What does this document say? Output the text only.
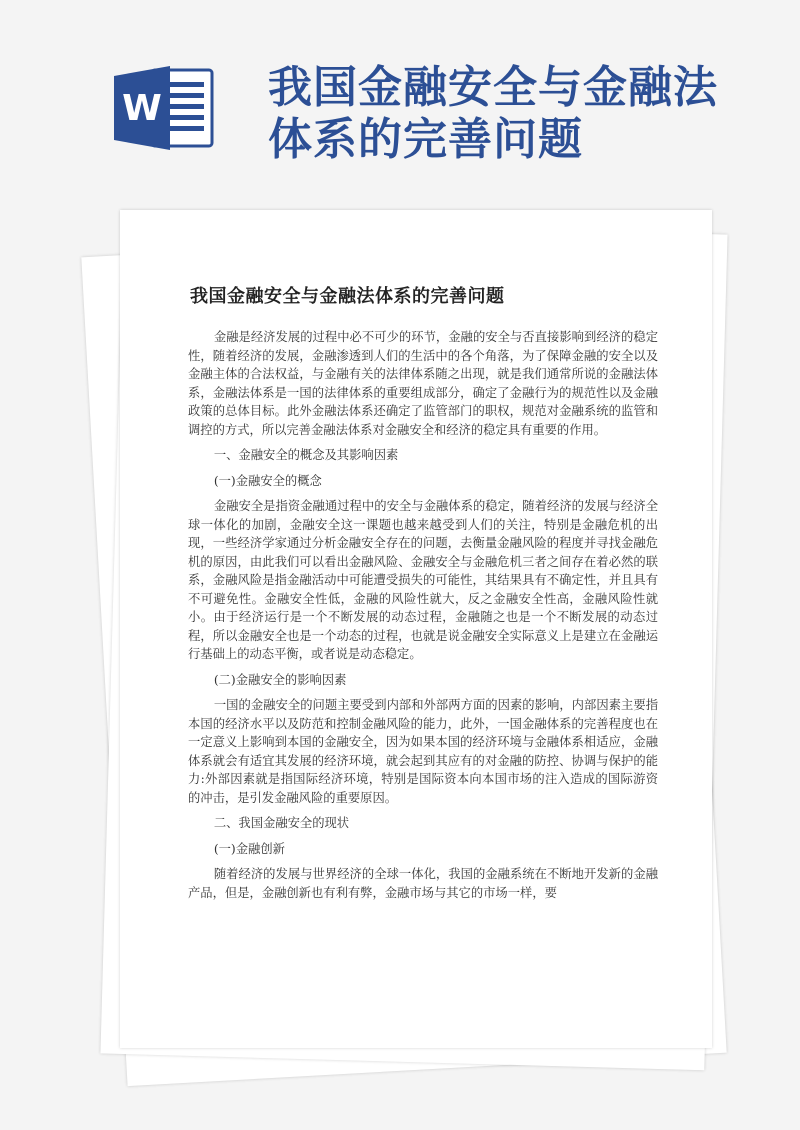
W 我国金融安全与金融法
体系的完善问题
我国金融安全与金融法体系的完善问题

金融是经济发展的过程中必不可少的环节，金融的安全与否直接影响到经济的稳定性，随着经济的发展，金融渗透到人们的生活中的各个角落，为了保障金融的安全以及金融主体的合法权益，与金融有关的法律体系随之出现，就是我们通常所说的金融法体系，金融法体系是一国的法律体系的重要组成部分，确定了金融行为的规范性以及金融政策的总体目标。此外金融法体系还确定了监管部门的职权，规范对金融系统的监管和调控的方式，所以完善金融法体系对金融安全和经济的稳定具有重要的作用。

一、金融安全的概念及其影响因素

(一)金融安全的概念

金融安全是指资金融通过程中的安全与金融体系的稳定，随着经济的发展与经济全球一体化的加剧，金融安全这一课题也越来越受到人们的关注，特别是金融危机的出现，一些经济学家通过分析金融安全存在的问题，去衡量金融风险的程度并寻找金融危机的原因，由此我们可以看出金融风险、金融安全与金融危机三者之间存在着必然的联系，金融风险是指金融活动中可能遭受损失的可能性，其结果具有不确定性，并且具有不可避免性。金融安全性低，金融的风险性就大，反之金融安全性高，金融风险性就小。由于经济运行是一个不断发展的动态过程，金融随之也是一个不断发展的动态过程，所以金融安全也是一个动态的过程，也就是说金融安全实际意义上是建立在金融运行基础上的动态平衡，或者说是动态稳定。

(二)金融安全的影响因素

一国的金融安全的问题主要受到内部和外部两方面的因素的影响，内部因素主要指本国的经济水平以及防范和控制金融风险的能力，此外，一国金融体系的完善程度也在一定意义上影响到本国的金融安全，因为如果本国的经济环境与金融体系相适应，金融体系就会有适宜其发展的经济环境，就会起到其应有的对金融的防控、协调与保护的能力:外部因素就是指国际经济环境，特别是国际资本向本国市场的注入造成的国际游资的冲击，是引发金融风险的重要原因。

二、我国金融安全的现状

(一)金融创新

随着经济的发展与世界经济的全球一体化，我国的金融系统在不断地开发新的金融产品，但是，金融创新也有利有弊，金融市场与其它的市场一样，要
